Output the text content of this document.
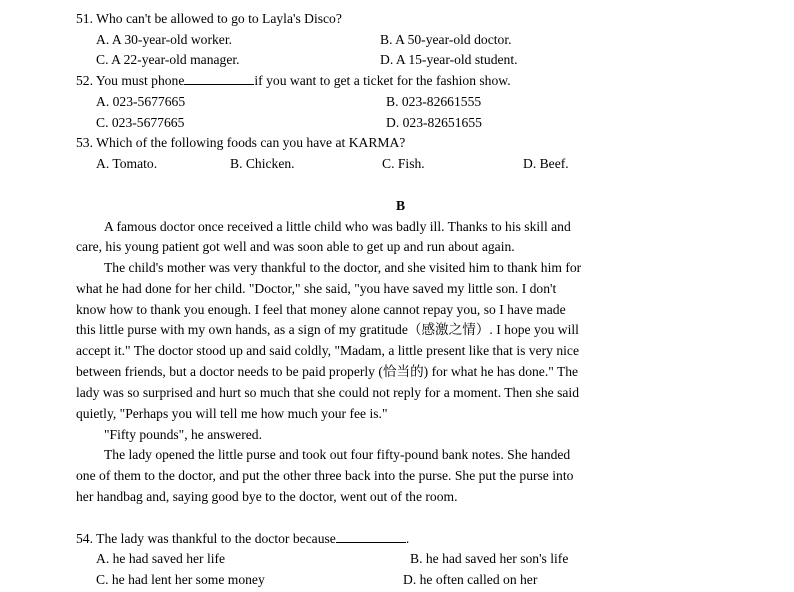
51. Who can't be allowed to go to Layla's Disco?
A. A 30-year-old worker.	B. A 50-year-old doctor.
C. A 22-year-old manager.	D. A 15-year-old student.
52. You must phone	if you want to get a ticket for the fashion show.
A. 023-5677665	B. 023-82661555
C. 023-5677665	D. 023-82651655
53. Which of the following foods can you have at KARMA?
A. Tomato.	B. Chicken.	C. Fish.	D. Beef.
B
A famous doctor once received a little child who was badly ill. Thanks to his skill and
care, his young patient got well and was soon able to get up and run about again.
The child's mother was very thankful to the doctor, and she visited him to thank him for
what he had done for her child. "Doctor," she said, "you have saved my little son. I don't
know how to thank you enough. I feel that money alone cannot repay you, so I have made
this little purse with my own hands, as a sign of my gratitude（感激之情）. I hope you will
accept it." The doctor stood up and said coldly, "Madam, a little present like that is very nice
between friends, but a doctor needs to be paid properly (恰当的) for what he has done." The
lady was so surprised and hurt so much that she could not reply for a moment. Then she said
quietly, "Perhaps you will tell me how much your fee is."
"Fifty pounds", he answered.
The lady opened the little purse and took out four fifty-pound bank notes. She handed
one of them to the doctor, and put the other three back into the purse. She put the purse into
her handbag and, saying good bye to the doctor, went out of the room.
54. The lady was thankful to the doctor because	.
A. he had saved her life	B. he had saved her son's life
C. he had lent her some money	D. he often called on her
